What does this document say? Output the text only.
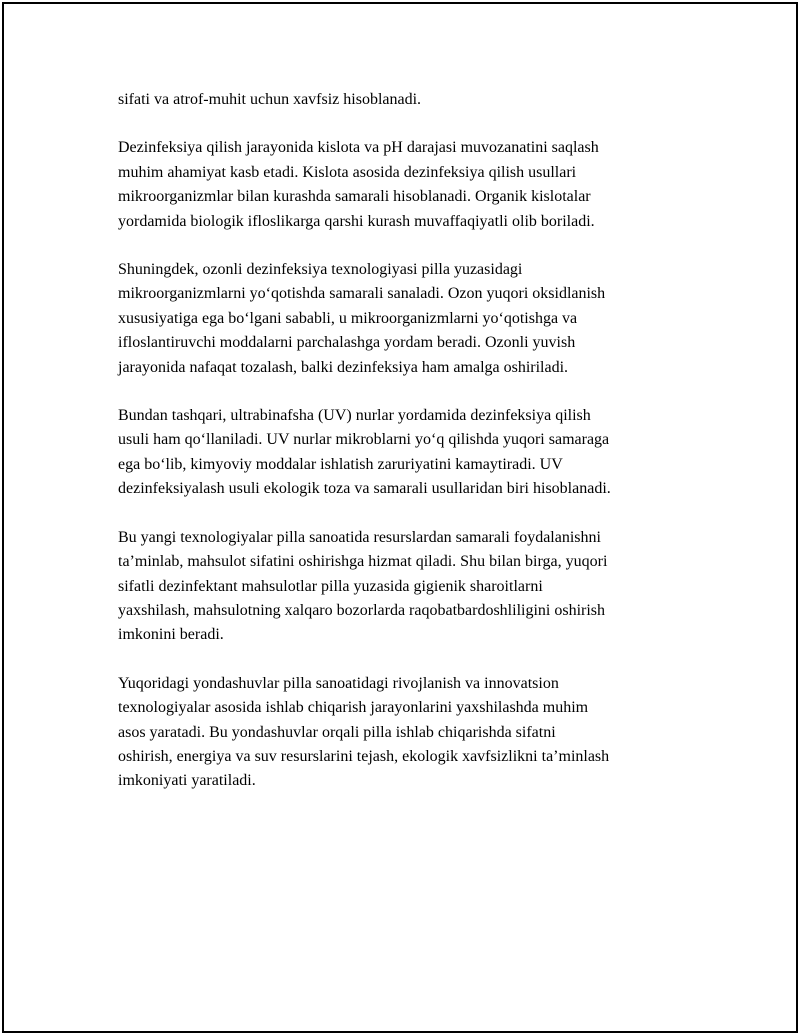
sifati va atrof-muhit uchun xavfsiz hisoblanadi.

Dezinfeksiya qilish jarayonida kislota va pH darajasi muvozanatini saqlash
muhim ahamiyat kasb etadi. Kislota asosida dezinfeksiya qilish usullari
mikroorganizmlar bilan kurashda samarali hisoblanadi. Organik kislotalar
yordamida biologik ifloslikarga qarshi kurash muvaffaqiyatli olib boriladi.

Shuningdek, ozonli dezinfeksiya texnologiyasi pilla yuzasidagi
mikroorganizmlarni yo‘qotishda samarali sanaladi. Ozon yuqori oksidlanish
xususiyatiga ega bo‘lgani sababli, u mikroorganizmlarni yo‘qotishga va
ifloslantiruvchi moddalarni parchalashga yordam beradi. Ozonli yuvish
jarayonida nafaqat tozalash, balki dezinfeksiya ham amalga oshiriladi.

Bundan tashqari, ultrabinafsha (UV) nurlar yordamida dezinfeksiya qilish
usuli ham qo‘llaniladi. UV nurlar mikroblarni yo‘q qilishda yuqori samaraga
ega bo‘lib, kimyoviy moddalar ishlatish zaruriyatini kamaytiradi. UV
dezinfeksiyalash usuli ekologik toza va samarali usullaridan biri hisoblanadi.

Bu yangi texnologiyalar pilla sanoatida resurslardan samarali foydalanishni
ta’minlab, mahsulot sifatini oshirishga hizmat qiladi. Shu bilan birga, yuqori
sifatli dezinfektant mahsulotlar pilla yuzasida gigienik sharoitlarni
yaxshilash, mahsulotning xalqaro bozorlarda raqobatbardoshliligini oshirish
imkonini beradi.

Yuqoridagi yondashuvlar pilla sanoatidagi rivojlanish va innovatsion
texnologiyalar asosida ishlab chiqarish jarayonlarini yaxshilashda muhim
asos yaratadi. Bu yondashuvlar orqali pilla ishlab chiqarishda sifatni
oshirish, energiya va suv resurslarini tejash, ekologik xavfsizlikni ta’minlash
imkoniyati yaratiladi.
